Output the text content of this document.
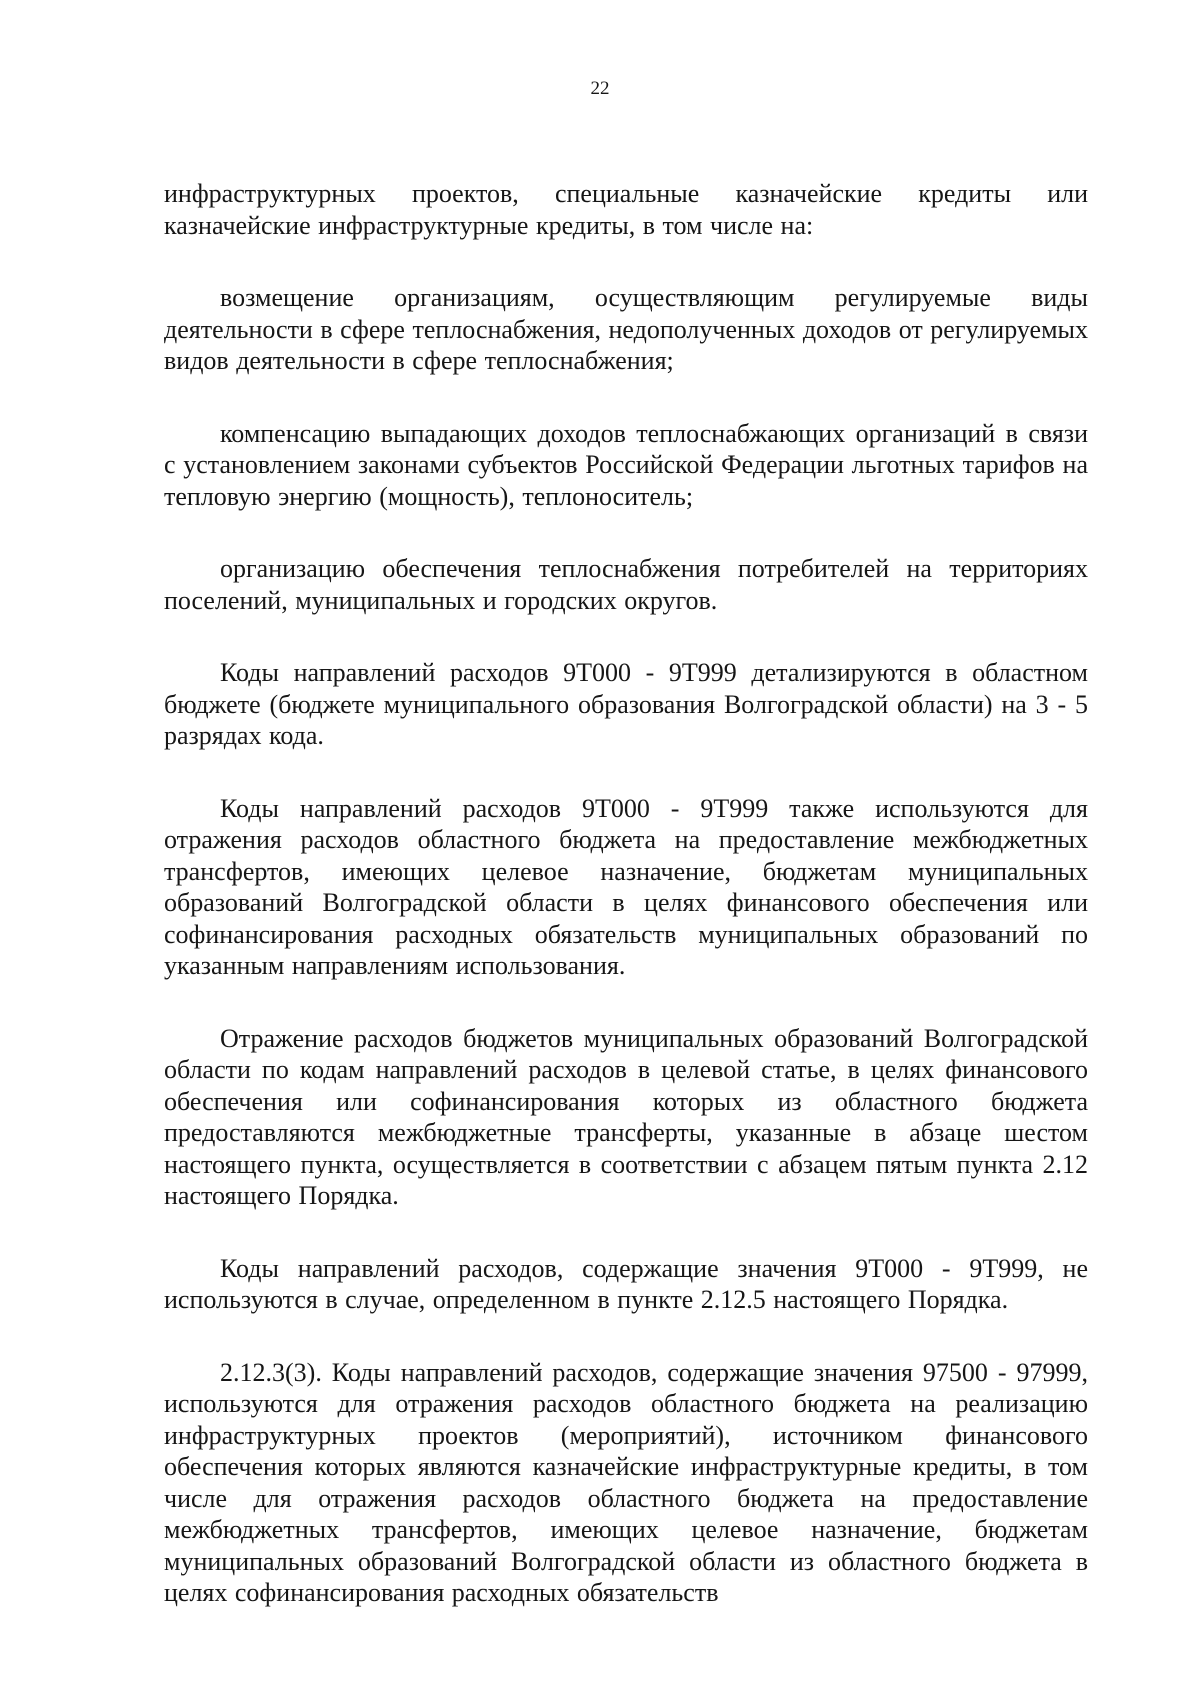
22

инфраструктурных проектов, специальные казначейские кредиты или казначейские инфраструктурные кредиты, в том числе на:

возмещение организациям, осуществляющим регулируемые виды деятельности в сфере теплоснабжения, недополученных доходов от регулируемых видов деятельности в сфере теплоснабжения;

компенсацию выпадающих доходов теплоснабжающих организаций в связи с установлением законами субъектов Российской Федерации льготных тарифов на тепловую энергию (мощность), теплоноситель;

организацию обеспечения теплоснабжения потребителей на территориях поселений, муниципальных и городских округов.

Коды направлений расходов 9Т000 - 9Т999 детализируются в областном бюджете (бюджете муниципального образования Волгоградской области) на 3 - 5 разрядах кода.

Коды направлений расходов 9Т000 - 9Т999 также используются для отражения расходов областного бюджета на предоставление межбюджетных трансфертов, имеющих целевое назначение, бюджетам муниципальных образований Волгоградской области в целях финансового обеспечения или софинансирования расходных обязательств муниципальных образований по указанным направлениям использования.

Отражение расходов бюджетов муниципальных образований Волгоградской области по кодам направлений расходов в целевой статье, в целях финансового обеспечения или софинансирования которых из областного бюджета предоставляются межбюджетные трансферты, указанные в абзаце шестом настоящего пункта, осуществляется в соответствии с абзацем пятым пункта 2.12 настоящего Порядка.

Коды направлений расходов, содержащие значения 9Т000 - 9Т999, не используются в случае, определенном в пункте 2.12.5 настоящего Порядка.

2.12.3(3). Коды направлений расходов, содержащие значения 97500 - 97999, используются для отражения расходов областного бюджета на реализацию инфраструктурных проектов (мероприятий), источником финансового обеспечения которых являются казначейские инфраструктурные кредиты, в том числе для отражения расходов областного бюджета на предоставление межбюджетных трансфертов, имеющих целевое назначение, бюджетам муниципальных образований Волгоградской области из областного бюджета в целях софинансирования расходных обязательств
